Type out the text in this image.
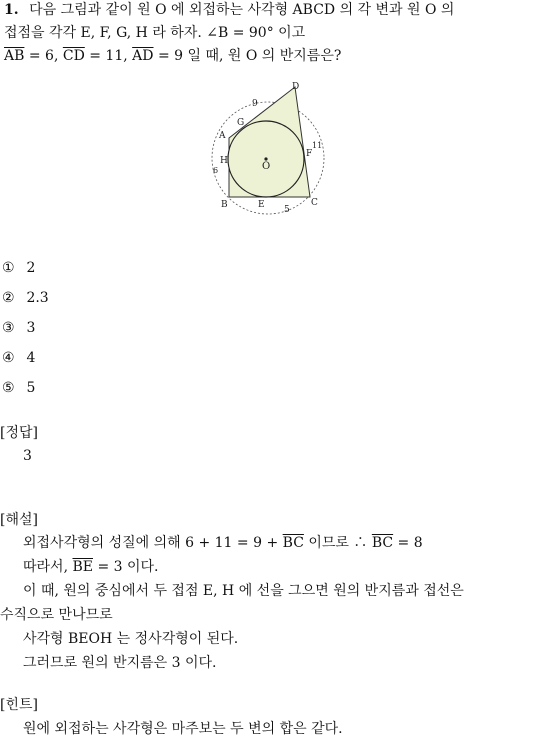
1. 다음 그림과 같이 원 O 에 외접하는 사각형 ABCD 의 각 변과 원 O 의
접점을 각각 E, F, G, H 라 하자. ∠B = 90° 이고
$\overline{AB} = 6$, $\overline{CD} = 11$, $\overline{AD} = 9$ 일 때, 원 O 의 반지름은?
D
A
G
H	O
F
B	E	C
9
11
5
6
① 2
② 2.3
③ 3
④ 4
⑤ 5
[정답]
3
[해설]
외접사각형의 성질에 의해 $6 + 11 = 9 + \overline{BC}$ 이므로 ∴ $\overline{BC} = 8$
따라서, $\overline{BE} = 3$ 이다.
이 때, 원의 중심에서 두 접점 E, H 에 선을 그으면 원의 반지름과 접선은
수직으로 만나므로
사각형 BEOH 는 정사각형이 된다.
그러므로 원의 반지름은 3 이다.
[힌트]
원에 외접하는 사각형은 마주보는 두 변의 합은 같다.
